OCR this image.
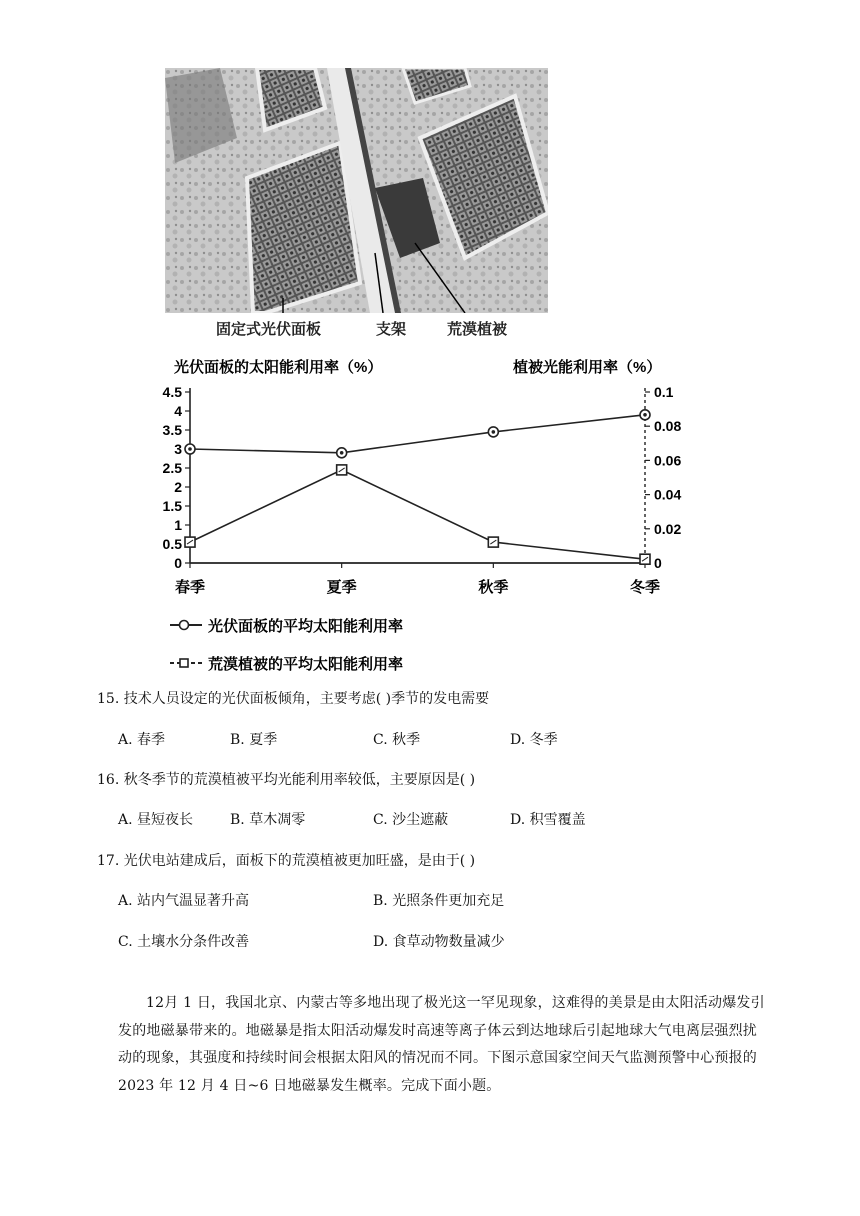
固定式光伏面板	支架	荒漠植被
光伏面板的太阳能利用率（%）	植被光能利用率（%）
4.5
4
3.5
3
2.5
2
1.5
1
0.5
0
0.1
0.08
0.06
0.04
0.02
0
春季	夏季	秋季	冬季
光伏面板的平均太阳能利用率
荒漠植被的平均太阳能利用率
15. 技术人员设定的光伏面板倾角，主要考虑( )季节的发电需要
A. 春季	B. 夏季	C. 秋季	D. 冬季
16. 秋冬季节的荒漠植被平均光能利用率较低，主要原因是( )
A. 昼短夜长	B. 草木凋零	C. 沙尘遮蔽	D. 积雪覆盖
17. 光伏电站建成后，面板下的荒漠植被更加旺盛，是由于( )
A. 站内气温显著升高	B. 光照条件更加充足
C. 土壤水分条件改善	D. 食草动物数量减少
12月 1 日，我国北京、内蒙古等多地出现了极光这一罕见现象，这难得的美景是由太阳活动爆发引发的地磁暴带来的。地磁暴是指太阳活动爆发时高速等离子体云到达地球后引起地球大气电离层强烈扰动的现象，其强度和持续时间会根据太阳风的情况而不同。下图示意国家空间天气监测预警中心预报的 2023 年 12 月 4 日~6 日地磁暴发生概率。完成下面小题。
